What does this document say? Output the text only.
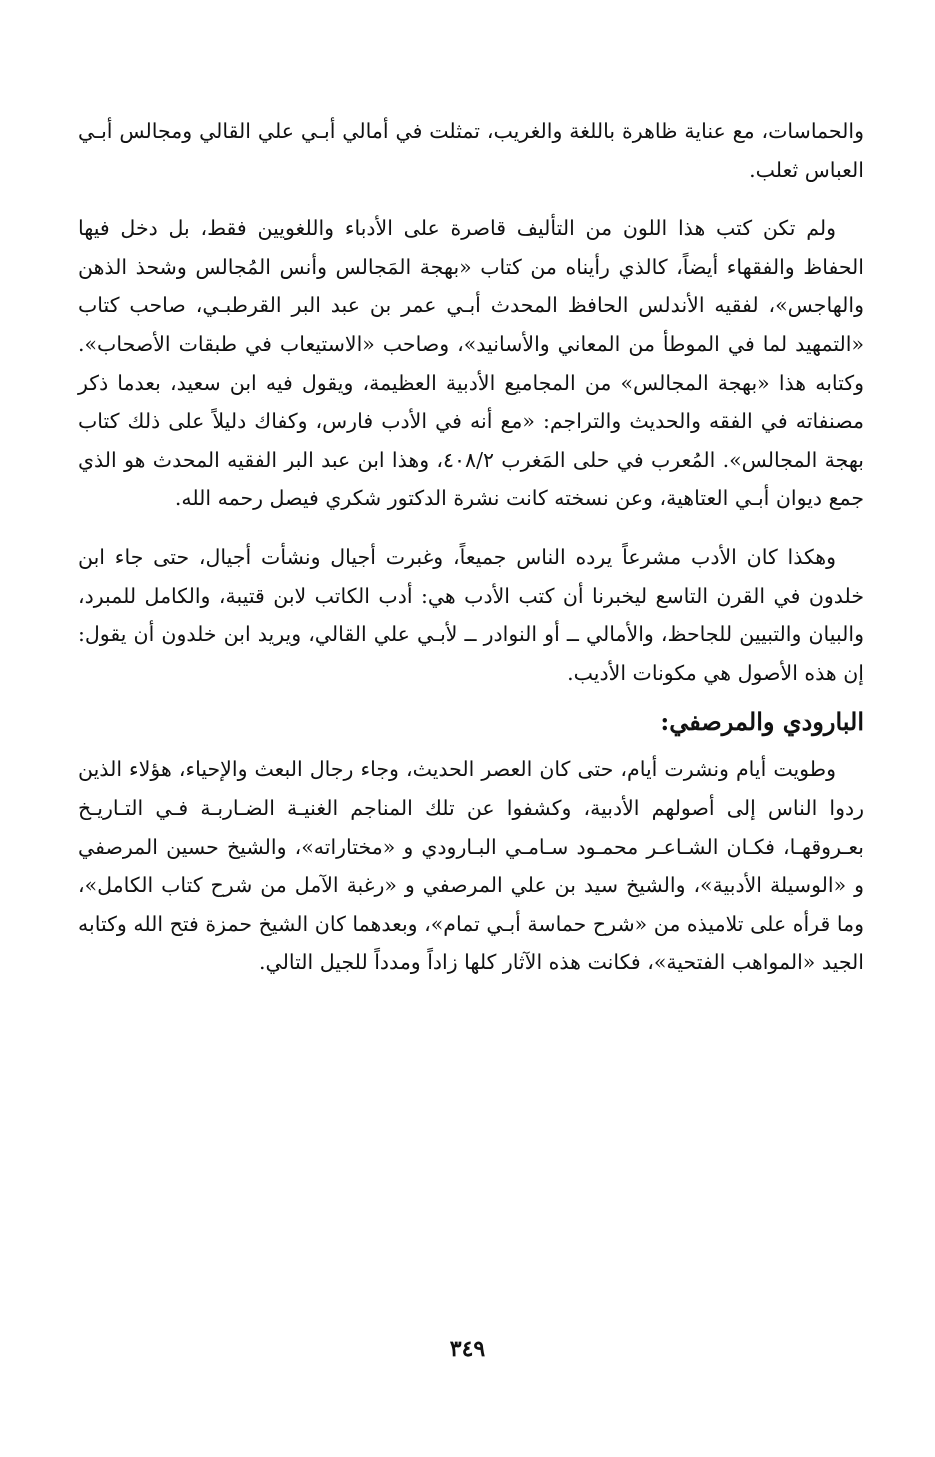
والحماسات، مع عناية ظاهرة باللغة والغريب، تمثلت في أمالي أبـي علي القالي ومجالس أبـي العباس ثعلب.

ولم تكن كتب هذا اللون من التأليف قاصرة على الأدباء واللغويين فقط، بل دخل فيها الحفاظ والفقهاء أيضاً، كالذي رأيناه من كتاب «بهجة المَجالس وأنس المُجالس وشحذ الذهن والهاجس»، لفقيه الأندلس الحافظ المحدث أبـي عمر بن عبد البر القرطبـي، صاحب كتاب «التمهيد لما في الموطأ من المعاني والأسانيد»، وصاحب «الاستيعاب في طبقات الأصحاب». وكتابه هذا «بهجة المجالس» من المجاميع الأدبية العظيمة، ويقول فيه ابن سعيد، بعدما ذكر مصنفاته في الفقه والحديث والتراجم: «مع أنه في الأدب فارس، وكفاك دليلاً على ذلك كتاب بهجة المجالس». المُعرب في حلى المَغرب ٤٠٨/٢، وهذا ابن عبد البر الفقيه المحدث هو الذي جمع ديوان أبـي العتاهية، وعن نسخته كانت نشرة الدكتور شكري فيصل رحمه الله.

وهكذا كان الأدب مشرعاً يرده الناس جميعاً، وغبرت أجيال ونشأت أجيال، حتى جاء ابن خلدون في القرن التاسع ليخبرنا أن كتب الأدب هي: أدب الكاتب لابن قتيبة، والكامل للمبرد، والبيان والتبيين للجاحظ، والأمالي ــ أو النوادر ــ لأبـي علي القالي، ويريد ابن خلدون أن يقول: إن هذه الأصول هي مكونات الأديب.

البارودي والمرصفي:

وطويت أيام ونشرت أيام، حتى كان العصر الحديث، وجاء رجال البعث والإحياء، هؤلاء الذين ردوا الناس إلى أصولهم الأدبية، وكشفوا عن تلك المناجم الغنيـة الضـاربـة فـي التـاريـخ بعـروقهـا، فكـان الشـاعـر محمـود سـامـي البـارودي و «مختاراته»، والشيخ حسين المرصفي و «الوسيلة الأدبية»، والشيخ سيد بن علي المرصفي و «رغبة الآمل من شرح كتاب الكامل»، وما قرأه على تلاميذه من «شرح حماسة أبـي تمام»، وبعدهما كان الشيخ حمزة فتح الله وكتابه الجيد «المواهب الفتحية»، فكانت هذه الآثار كلها زاداً ومدداً للجيل التالي.

٣٤٩
